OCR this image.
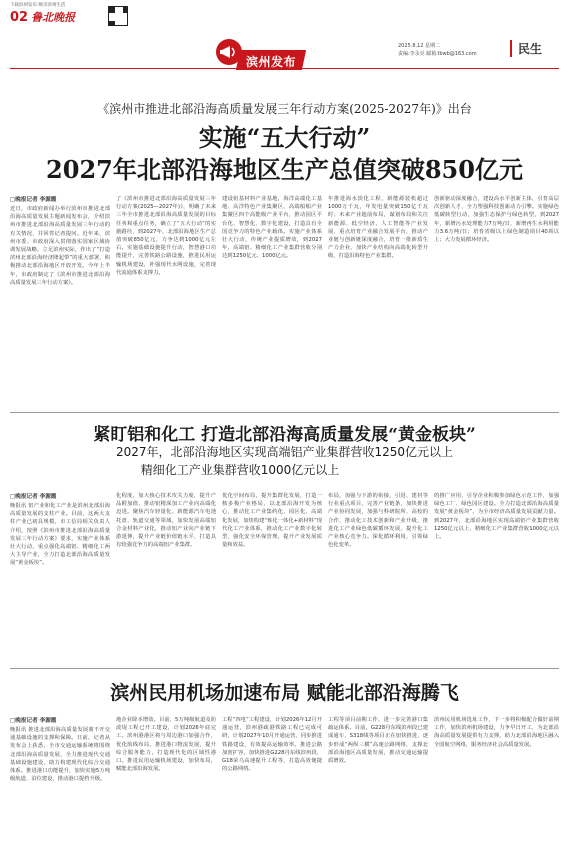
下载滨州发布 畅享滨州生活
02 鲁北晚报
滨州发布
2025.8.12 星期二
责编:李永亮 邮箱:lbwb@163.com	民生
《滨州市推进北部沿海高质量发展三年行动方案(2025-2027年)》出台
实施“五大行动”
2027年北部沿海地区生产总值突破850亿元
□晚报记者 李源霞
近日，市政府新闻办举行滨州市推进北部沿海高质量发展主题新闻发布会，介绍滨州市推进北部沿海高质量发展三年行动的有关情况，并回答记者提问。近年来，滨州市委、市政府深入贯彻落实国家区域协调发展战略，立足滨州实际，作出了“打造滨州北部沿海经济隆起带”的重大部署，积极推动北部沿海地区开放开发。今年上半年，市政府制定了《滨州市推进北部沿海高质量发展三年行动方案》。
了《滨州市推进北部沿海高质量发展三年行动方案(2025—2027年)》，明确了未来三年全市推进北部沿海高质量发展的目标任务和重点任务，确立了“五大行动”的实施路径，到2027年，北部沿海地区生产总值突破850亿元，力争达到1000亿元左右。实施基础设施提升行动，智慧港口功能提升，完善铁路公路设施，推进民用运输机场建设，补强现代水网设施，完善现代流通体系支撑力。
建设铝基材料产业基地，海洋高端化工基地、高洋特色产业集聚区，高端船舶产业集聚区四个高能级产业平台，推动园区平台化、智慧化、数字化建设，打造具有全国竞争力的特色产业载体。实施产业体系壮大行动，传统产业提质增效，到2027年，高端铝、精细化工产业集群营收分别达到1250亿元、1000亿元。
年推进海水淡化工程，新能源装机超过1000万千瓦，年发电量突破150亿千瓦时；未来产业超前布局，谋划布局和关注新能源、低空经济、人工智能等产业发展，重点培育产业融合发展平台，推动产业链与创新链深度融合，培育一批新质生产力企业，加快产业结构向高端化转型升级，打造沿海特色产业集群。
创新驱动深度融合，建设高水平创新主体，引育高层次创新人才，全力塑强科技创新动力引擎。实施绿色低碳转型行动，加强生态保护与绿色转型，到2027年，新增污水处理能力7万吨/日，新增再生水利用能力3.6万吨/日；培育省级以上绿色制造项目40项以上；大力发展循环经济。
紧盯铝和化工 打造北部沿海高质量发展“黄金板块”
2027年，北部沿海地区实现高端铝产业集群营收1250亿元以上
精细化工产业集群营收1000亿元以上
□晚报记者 李源霞
晚报讯 铝产业和化工产业是滨州北部沿海高质量发展的支柱产业。目前，这两大支柱产业已初具规模，市工信局相关负责人介绍，按照《滨州市推进北部沿海高质量发展三年行动方案》要求，实施产业体系壮大行动，重点强化高端铝、精细化工两大主导产业，全力打造北部沿海高质量发展“黄金板块”。
化程度，加大核心技术攻关力度，提升产品附加值，推动铝精深加工产业向高端化迈进。聚焦汽车轻量化、新能源汽车电池托盘、轨道交通等领域，加快发展高端铝合金材料产业化，推动铝产业向产业链下游延伸，提升产业链价值链水平，打造具有较强竞争力的高端铝产业集群。
优化空间布局，提升集群化发展，打造一核多极产业格局，以北部沿海开发为核心，推动化工产业集约化、园区化、高端化发展，加快构建“炼化一体化+新材料”现代化工产业体系，推动化工产业数字化转型，强化安全环保管理，提升产业发展质量和效益。
布局，加强与下游的衔接，引进、建材等行业重点项目，完善产业链条，加快推进产业协同发展，加强与科研院所、高校的合作，推动化工技术创新和产业升级，推进化工产业绿色低碳循环发展，提升化工产业核心竞争力。深化循环利用，引领绿色化变革。
的推广应用，引导企业积极参加绿色示范工作，加强绿色工厂、绿色园区建设。全力打造北部沿海高质量发展“黄金板块”，为全市经济高质量发展贡献力量。到2027年，北部沿海地区实现高端铝产业集群营收1250亿元以上，精细化工产业集群营收1000亿元以上。
滨州民用机场加速布局 赋能北部沿海腾飞
□晚报记者 李源霞
晚报讯 推进北部沿海高质量发展离不开交通基础设施的支撑和保障。日前，记者从发布会上获悉，全市交通运输系统将围绕北部沿海高质量发展，全力推进现代交通基础设施建设，助力构建现代化综合交通体系。推进港口功能提升，加快实施5万吨级航道、泊位建设，推动港口提档升级。
地企业降本增效。目前，5万吨级航道及防波堤工程已开工建设，计划2026年底完工。滨州港港区将与周边港口加强合作，优化航线布局，推进港口物流发展，提升综合服务能力，打造现代化的区域性港口。推进民用运输机场建设，加快布局，赋能北部沿海发展。
工程“四电”工程建设，计划2026年12月开通运营，滨州港疏港铁路工程已完成可研，计划2027年10月开通运营，同步推进铁路建设，有效提高运输效率。推进公路加密扩容，加快推进G228丹东线滨州段、G18荣乌高速提升工程等，打造高效便捷的公路网络。
工程等项目前期工作，进一步完善港口集疏运体系。目前，G228丹东线滨州段已建成通车，S318线等项目正在加快推进，逐步形成“两纵三横”高速公路网络，支撑北部沿海地区高质量发展，推动交通运输提质增效。
滨州民用机场选址工作，下一步将积极配合做好前期工作，加快滨州机场建设，力争早日开工，为北部沿海高质量发展提供有力支撑，助力北部沿海地区融入全国航空网络，服务经济社会高质量发展。
